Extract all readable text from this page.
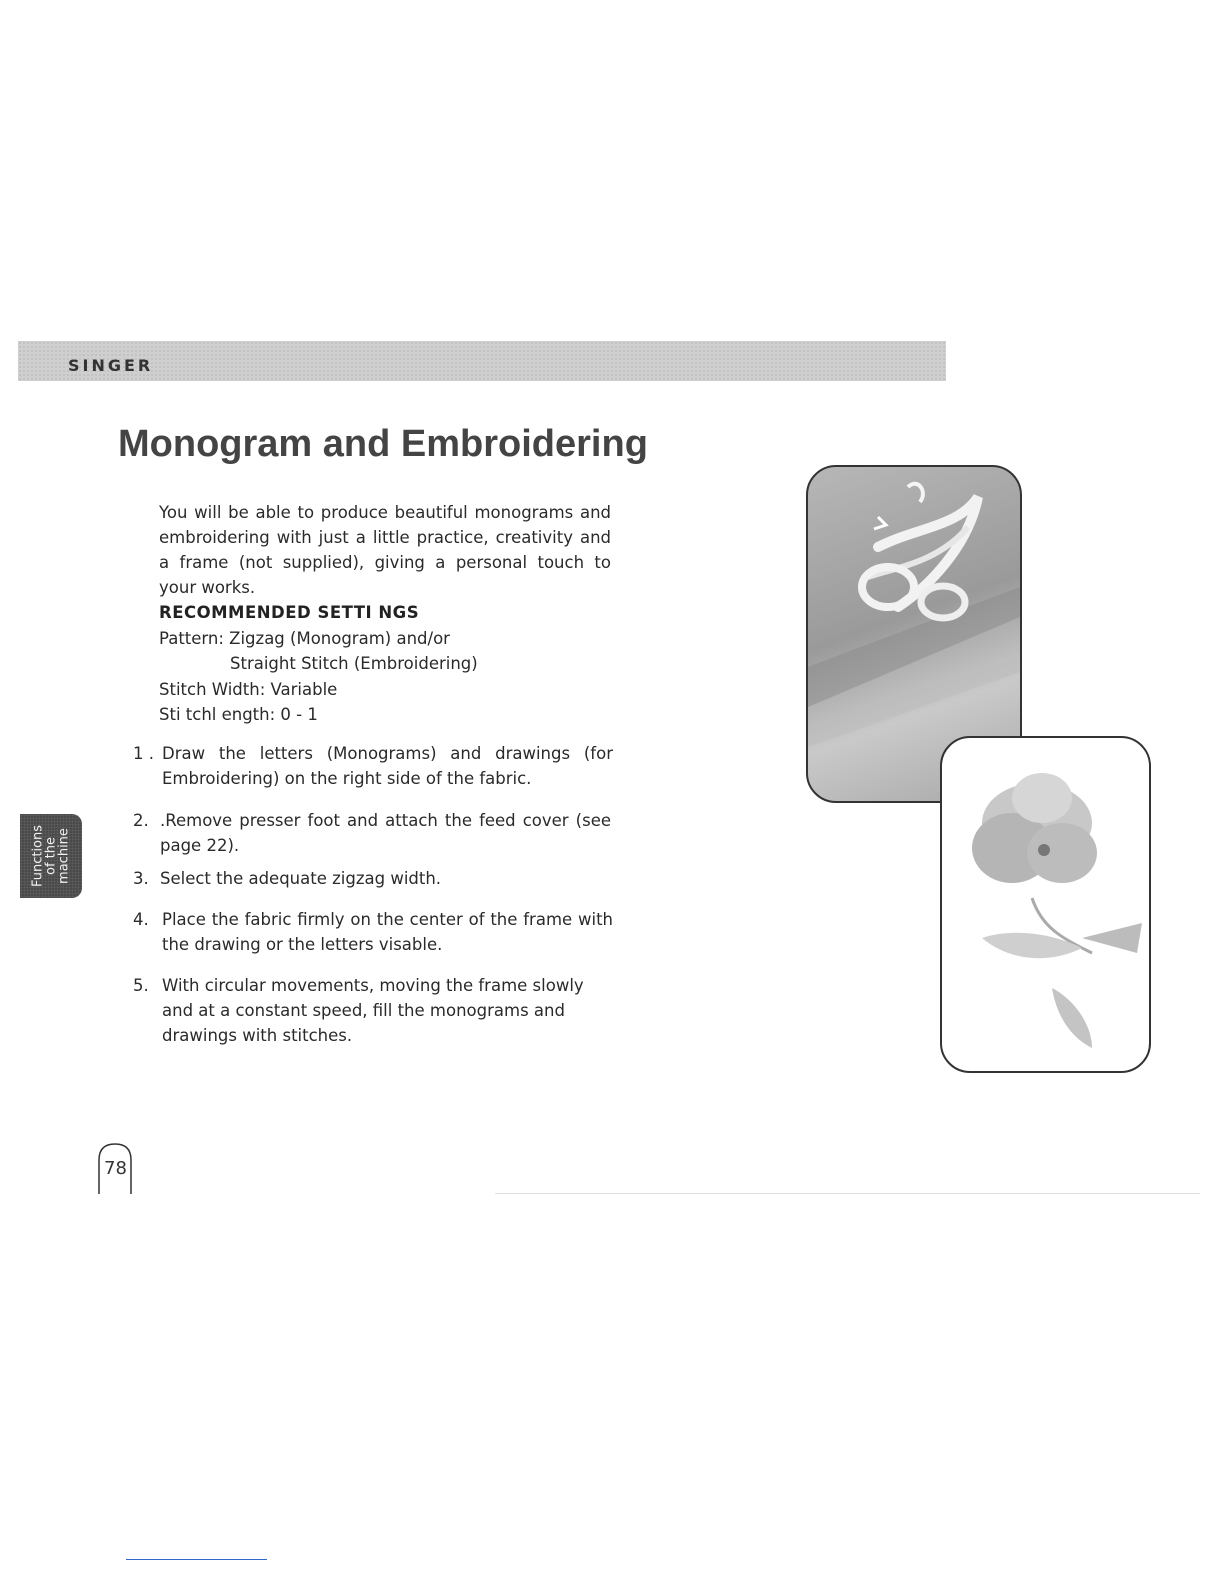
SINGER
Monogram and Embroidering
You will be able to produce beautiful monograms and embroidering with just a little practice, creativity and a frame (not supplied), giving a personal touch to your works.
RECOMMENDED SETTI NGS
Pattern: Zigzag (Monogram) and/or
Straight Stitch (Embroidering)
Stitch Width: Variable
Sti tchl ength: 0 - 1
1 . Draw the letters (Monograms) and drawings (for Embroidering) on the right side of the fabric.
2. .Remove presser foot and attach the feed cover (see page 22).
3. Select the adequate zigzag width.
4. Place the fabric firmly on the center of the frame with the drawing or the letters visable.
5. With circular movements, moving the frame slowly and at a constant speed, fill the monograms and drawings with stitches.
Functions
of the
machine
78
